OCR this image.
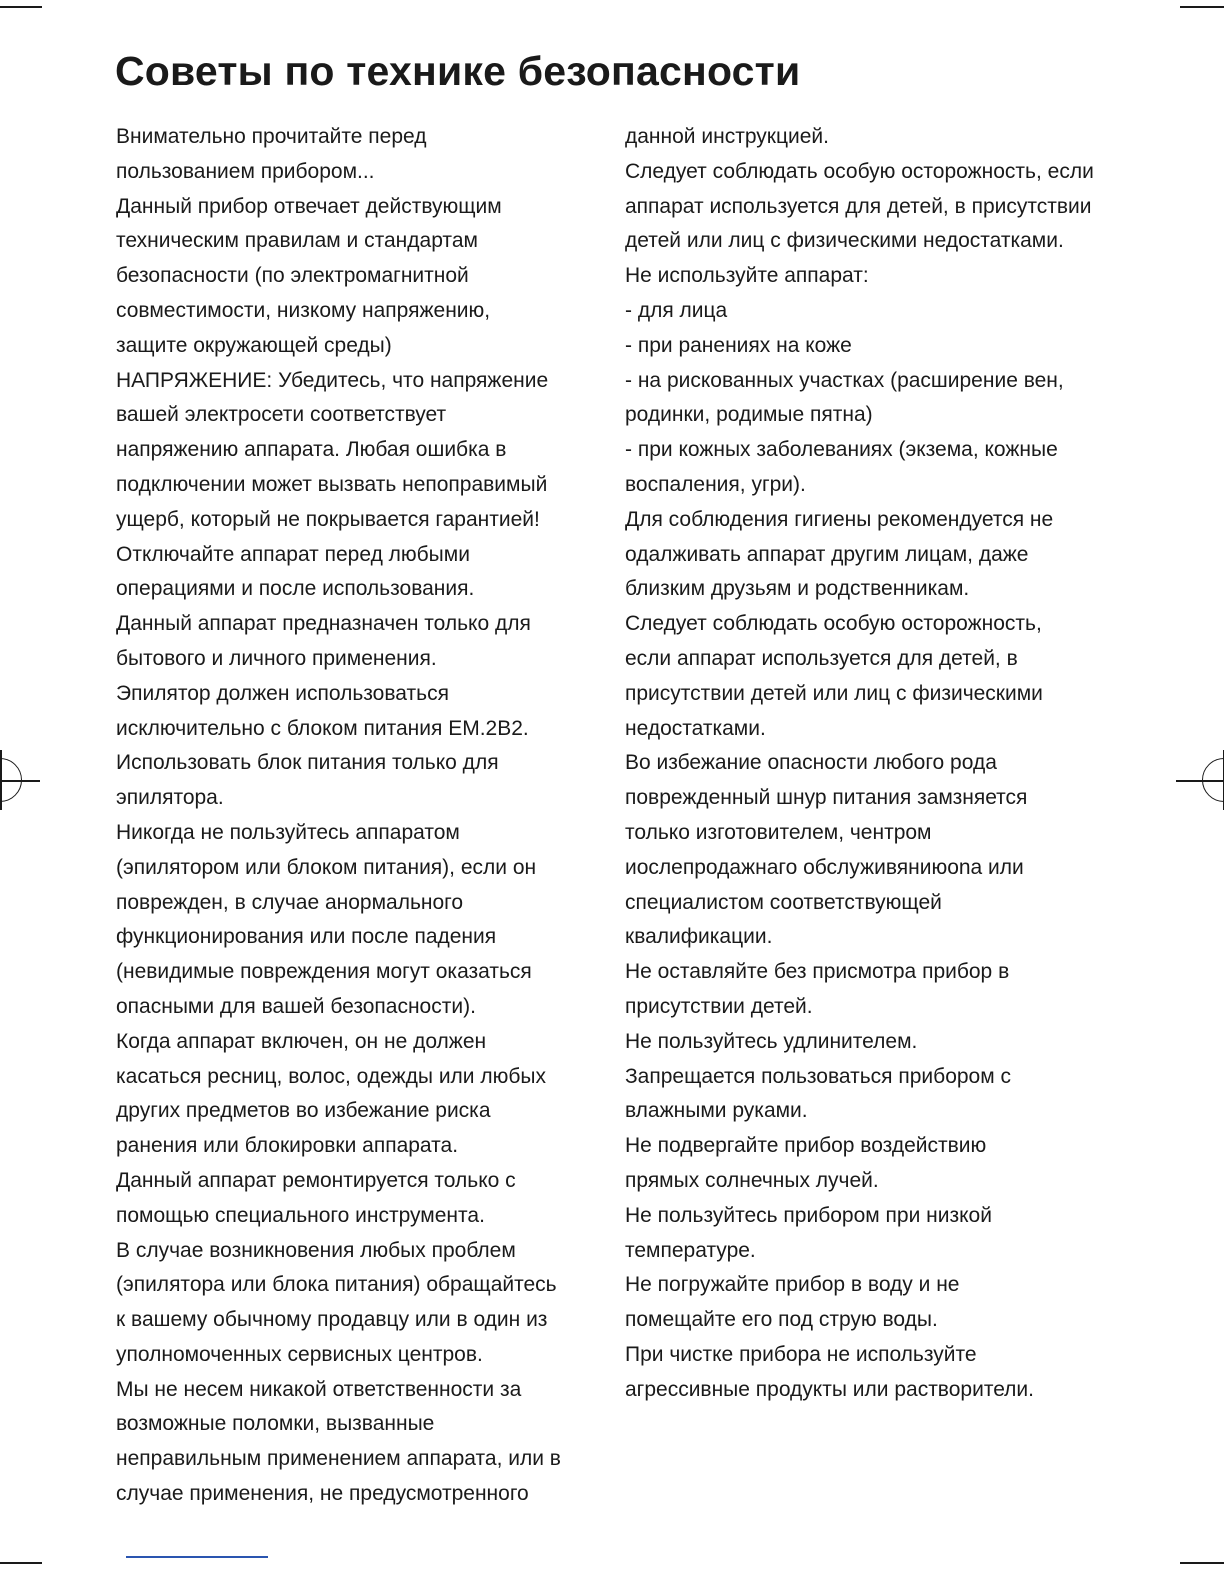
Советы по технике безопасности
Внимательно прочитайте перед
пользованием прибором...
Данный прибор отвечает действующим
техническим правилам и стандартам
безопасности (по электромагнитной
совместимости, низкому напряжению,
защите окружающей среды)
НАПРЯЖЕНИЕ: Убедитесь, что напряжение
вашей электросети соответствует
напряжению аппарата. Любая ошибка в
подключении может вызвать непоправимый
ущерб, который не покрывается гарантией!
Отключайте аппарат перед любыми
операциями и после использования.
Данный аппарат предназначен только для
бытового и личного применения.
Эпилятор должен использоваться
исключительно с блоком питания EM.2B2.
Использовать блок питания только для
эпилятора.
Никогда не пользуйтесь аппаратом
(эпилятором или блоком питания), если он
поврежден, в случае анормального
функционирования или после падения
(невидимые повреждения могут оказаться
опасными для вашей безопасности).
Когда аппарат включен, он не должен
касаться ресниц, волос, одежды или любых
других предметов во избежание риска
ранения или блокировки аппарата.
Данный аппарат ремонтируется только с
помощью специального инструмента.
В случае возникновения любых проблем
(эпилятора или блока питания) обращайтесь
к вашему обычному продавцу или в один из
уполномоченных сервисных центров.
Мы не несем никакой ответственности за
возможные поломки, вызванные
неправильным применением аппарата, или в
случае применения, не предусмотренного
данной инструкцией.
Следует соблюдать особую осторожность, если
аппарат используется для детей, в присутствии
детей или лиц с физическими недостатками.
Не используйте аппарат:
- для лица
- при ранениях на коже
- на рискованных участках (расширение вен,
родинки, родимые пятна)
- при кожных заболеваниях (экзема, кожные
воспаления, угри).
Для соблюдения гигиены рекомендуется не
одалживать аппарат другим лицам, даже
близким друзьям и родственникам.
Следует соблюдать особую осторожность,
если аппарат используется для детей, в
присутствии детей или лиц с физическими
недостатками.
Во избежание опасности любого рода
поврежденный шнур питания замзняется
только изготовителем, чентром
иослепродажнаго обслуживяниюona или
специалистом соответствующей
квалификации.
Не оставляйте без присмотра прибор в
присутствии детей.
Не пользуйтесь удлинителем.
Запрещается пользоваться прибором с
влажными руками.
Не подвергайте прибор воздействию
прямых солнечных лучей.
Не пользуйтесь прибором при низкой
температуре.
Не погружайте прибор в воду и не
помещайте его под струю воды.
При чистке прибора не используйте
агрессивные продукты или растворители.
